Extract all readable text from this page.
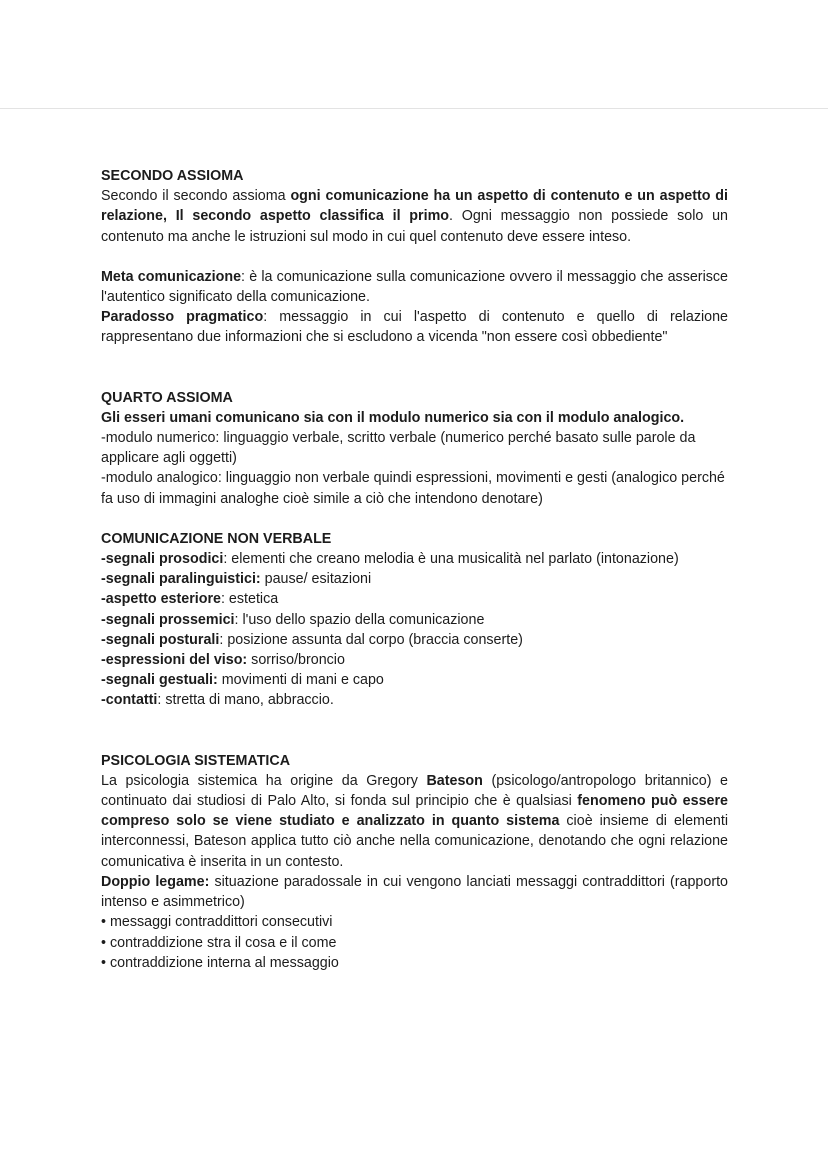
SECONDO ASSIOMA

Secondo il secondo assioma ogni comunicazione ha un aspetto di contenuto e un aspetto di relazione, Il secondo aspetto classifica il primo. Ogni messaggio non possiede solo un contenuto ma anche le istruzioni sul modo in cui quel contenuto deve essere inteso.

Meta comunicazione: è la comunicazione sulla comunicazione ovvero il messaggio che asserisce l'autentico significato della comunicazione.

Paradosso pragmatico: messaggio in cui l'aspetto di contenuto e quello di relazione rappresentano due informazioni che si escludono a vicenda "non essere così obbediente"

QUARTO ASSIOMA

Gli esseri umani comunicano sia con il modulo numerico sia con il modulo analogico.

-modulo numerico: linguaggio verbale, scritto verbale (numerico perché basato sulle parole da applicare agli oggetti)

-modulo analogico: linguaggio non verbale quindi espressioni, movimenti e gesti (analogico perché fa uso di immagini analoghe cioè simile a ciò che intendono denotare)

COMUNICAZIONE NON VERBALE

-segnali prosodici: elementi che creano melodia è una musicalità nel parlato (intonazione)

-segnali paralinguistici: pause/ esitazioni

-aspetto esteriore: estetica

-segnali prossemici: l'uso dello spazio della comunicazione

-segnali posturali: posizione assunta dal corpo (braccia conserte)

-espressioni del viso: sorriso/broncio

-segnali gestuali: movimenti di mani e capo

-contatti: stretta di mano, abbraccio.

PSICOLOGIA SISTEMATICA

La psicologia sistemica ha origine da Gregory Bateson (psicologo/antropologo britannico) e continuato dai studiosi di Palo Alto, si fonda sul principio che è qualsiasi fenomeno può essere compreso solo se viene studiato e analizzato in quanto sistema cioè insieme di elementi interconnessi, Bateson applica tutto ciò anche nella comunicazione, denotando che ogni relazione comunicativa è inserita in un contesto.

Doppio legame: situazione paradossale in cui vengono lanciati messaggi contraddittori (rapporto intenso e asimmetrico)

• messaggi contraddittori consecutivi

• contraddizione stra il cosa e il come

• contraddizione interna al messaggio
